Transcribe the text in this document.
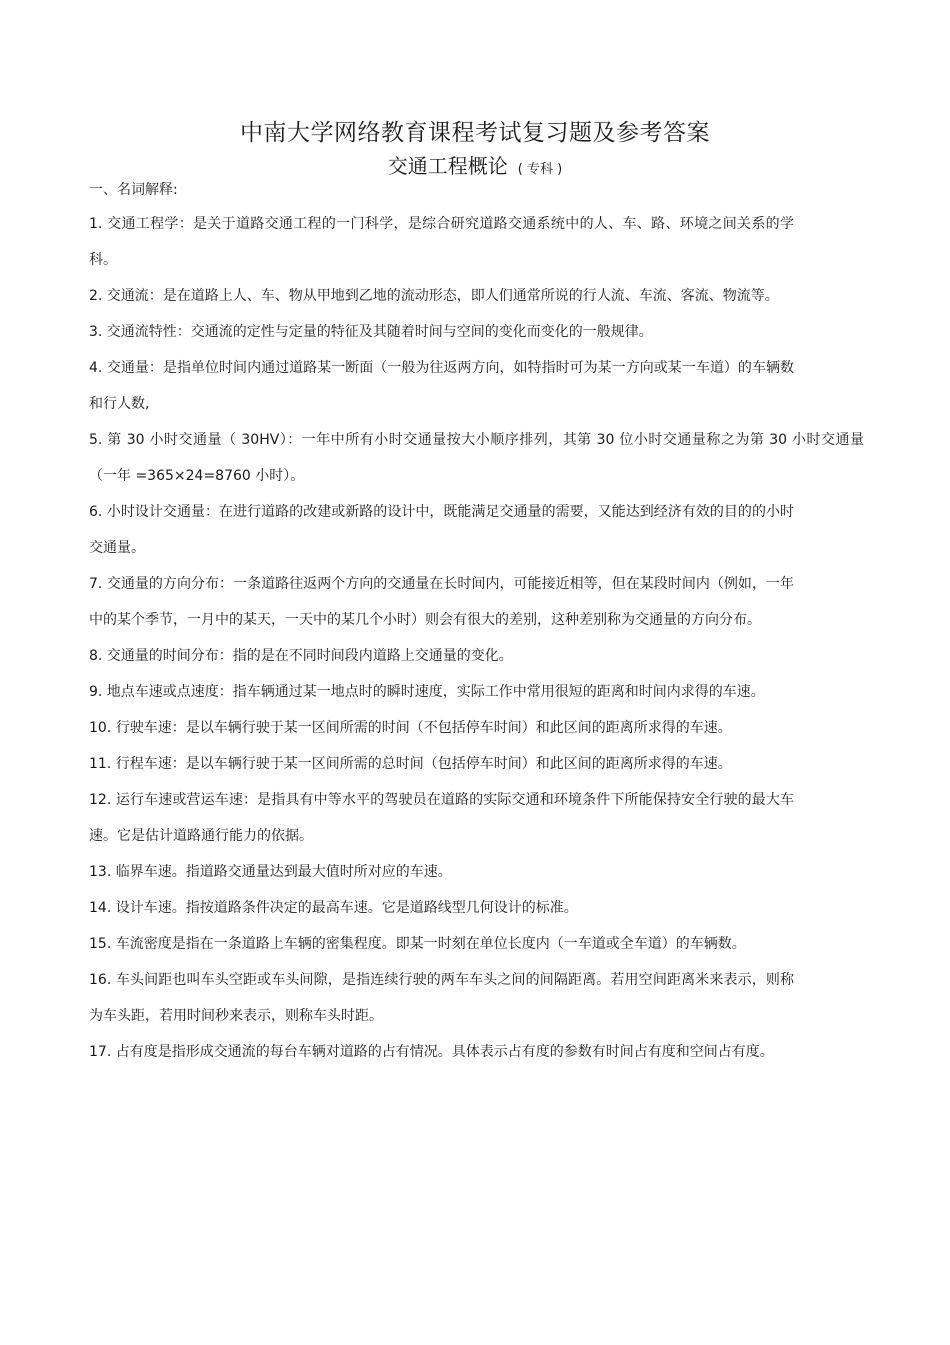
中南大学网络教育课程考试复习题及参考答案
交通工程概论 ( 专科 )
一、名词解释:

1. 交通工程学：是关于道路交通工程的一门科学，是综合研究道路交通系统中的人、车、路、环境之间关系的学科。

2. 交通流：是在道路上人、车、物从甲地到乙地的流动形态，即人们通常所说的行人流、车流、客流、物流等。

3. 交通流特性：交通流的定性与定量的特征及其随着时间与空间的变化而变化的一般规律。

4. 交通量：是指单位时间内通过道路某一断面（一般为往返两方向，如特指时可为某一方向或某一车道）的车辆数和行人数,

5. 第 30 小时交通量（ 30HV）：一年中所有小时交通量按大小顺序排列，其第 30 位小时交通量称之为第 30 小时交通量（一年 =365×24=8760 小时）。

6. 小时设计交通量：在进行道路的改建或新路的设计中，既能满足交通量的需要，又能达到经济有效的目的的小时交通量。

7. 交通量的方向分布：一条道路往返两个方向的交通量在长时间内，可能接近相等，但在某段时间内（例如，一年中的某个季节，一月中的某天，一天中的某几个小时）则会有很大的差别，这种差别称为交通量的方向分布。

8. 交通量的时间分布：指的是在不同时间段内道路上交通量的变化。

9. 地点车速或点速度：指车辆通过某一地点时的瞬时速度，实际工作中常用很短的距离和时间内求得的车速。

10. 行驶车速：是以车辆行驶于某一区间所需的时间（不包括停车时间）和此区间的距离所求得的车速。

11. 行程车速：是以车辆行驶于某一区间所需的总时间（包括停车时间）和此区间的距离所求得的车速。

12. 运行车速或营运车速：是指具有中等水平的驾驶员在道路的实际交通和环境条件下所能保持安全行驶的最大车速。它是估计道路通行能力的依据。

13. 临界车速。指道路交通量达到最大值时所对应的车速。

14. 设计车速。指按道路条件决定的最高车速。它是道路线型几何设计的标准。

15. 车流密度是指在一条道路上车辆的密集程度。即某一时刻在单位长度内（一车道或全车道）的车辆数。

16. 车头间距也叫车头空距或车头间隙，是指连续行驶的两车车头之间的间隔距离。若用空间距离米来表示，则称为车头距，若用时间秒来表示，则称车头时距。

17. 占有度是指形成交通流的每台车辆对道路的占有情况。具体表示占有度的参数有时间占有度和空间占有度。
